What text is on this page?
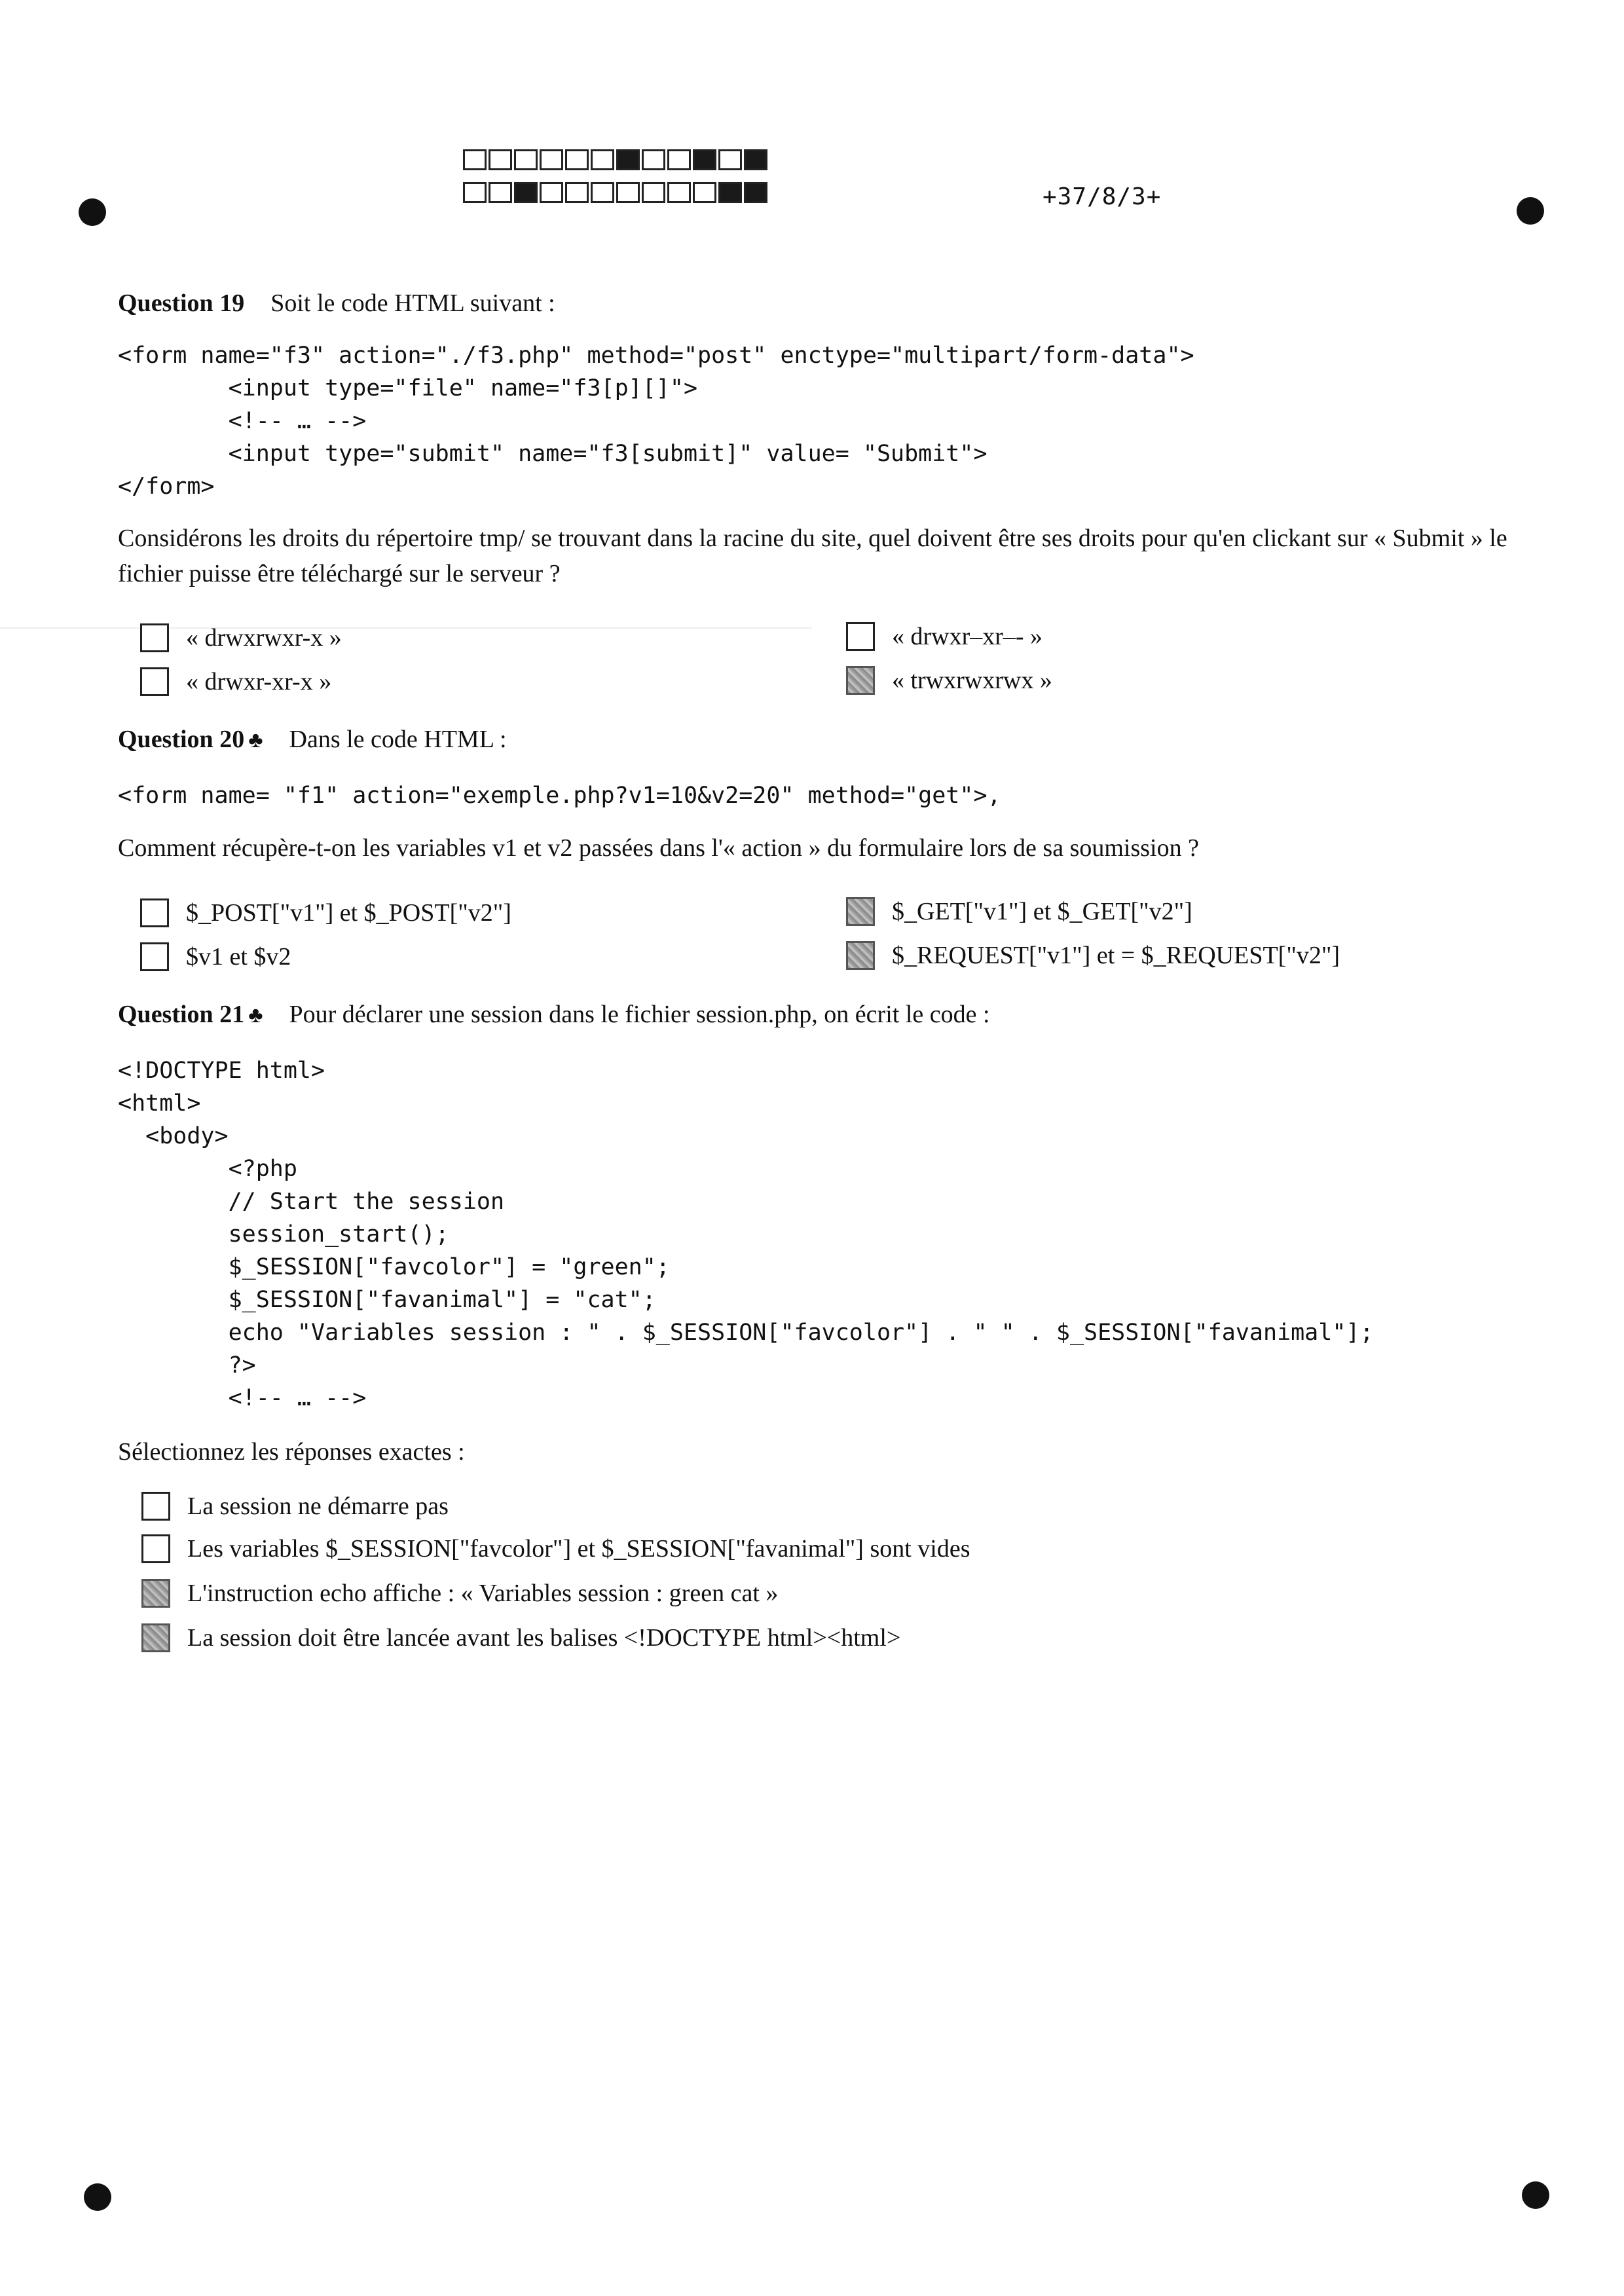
+37/8/3+
Question 19 Soit le code HTML suivant :
<form name="f3" action="./f3.php" method="post" enctype="multipart/form-data">
<input type="file" name="f3[p][]">
<!-- … -->
<input type="submit" name="f3[submit]" value= "Submit">
</form>
Considérons les droits du répertoire tmp/ se trouvant dans la racine du site, quel doivent être ses droits pour qu'en clickant sur « Submit » le fichier puisse être téléchargé sur le serveur ?
« drwxrwxr-x »	« drwxr–xr–- »
« drwxr-xr-x »	« trwxrwxrwx »
Question 20 ♣ Dans le code HTML :
<form name= "f1" action="exemple.php?v1=10&v2=20" method="get">,
Comment récupère-t-on les variables v1 et v2 passées dans l'« action » du formulaire lors de sa soumission ?
$_POST["v1"] et $_POST["v2"]	$_GET["v1"] et $_GET["v2"]
$v1 et $v2	$_REQUEST["v1"] et = $_REQUEST["v2"]
Question 21 ♣ Pour déclarer une session dans le fichier session.php, on écrit le code :
<!DOCTYPE html>
<html>
<body>
<?php
// Start the session
session_start();
$_SESSION["favcolor"] = "green";
$_SESSION["favanimal"] = "cat";
echo "Variables session : " . $_SESSION["favcolor"] . " " . $_SESSION["favanimal"];
?>
<!-- … -->
Sélectionnez les réponses exactes :
La session ne démarre pas
Les variables $_SESSION["favcolor"] et $_SESSION["favanimal"] sont vides
L'instruction echo affiche : « Variables session : green cat »
La session doit être lancée avant les balises <!DOCTYPE html><html>
